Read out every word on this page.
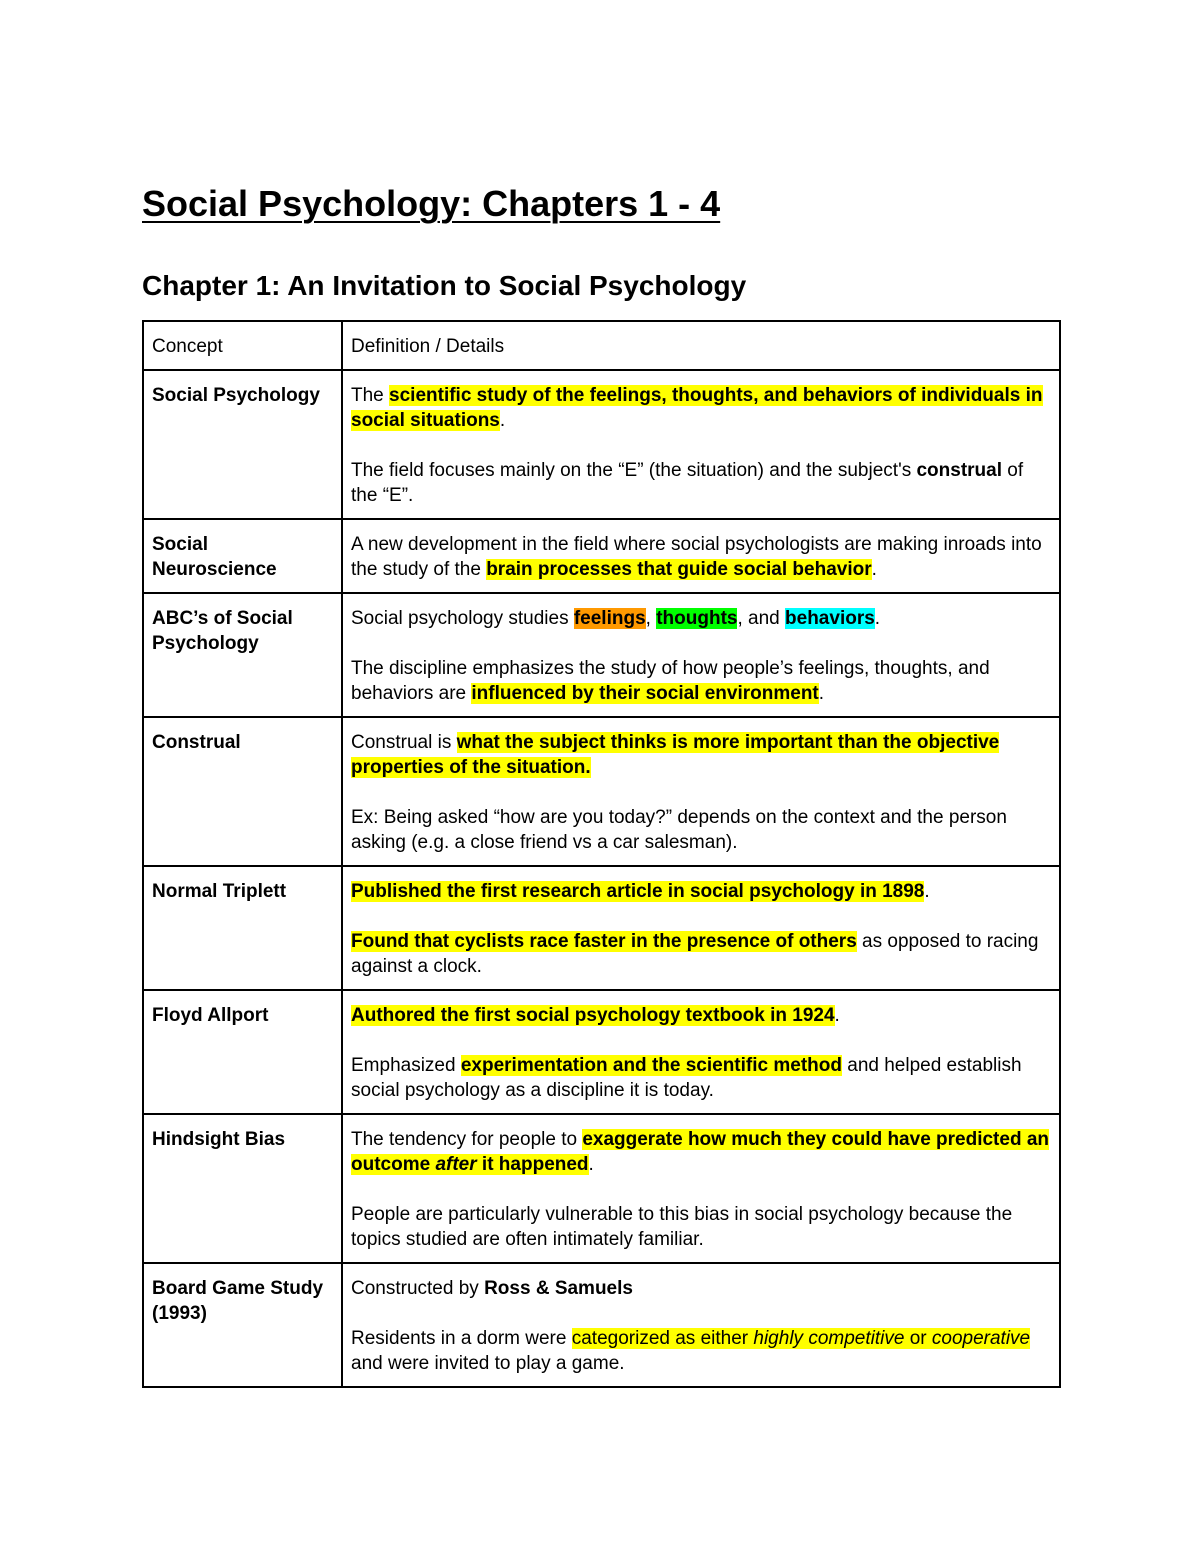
Social Psychology: Chapters 1 - 4
Chapter 1: An Invitation to Social Psychology
Concept	Definition / Details
Social Psychology	The scientific study of the feelings, thoughts, and behaviors of individuals in social situations.

The field focuses mainly on the “E” (the situation) and the subject's construal of the “E”.

Social Neuroscience	A new development in the field where social psychologists are making inroads into the study of the brain processes that guide social behavior.

ABC’s of Social Psychology	Social psychology studies feelings, thoughts, and behaviors.

The discipline emphasizes the study of how people’s feelings, thoughts, and behaviors are influenced by their social environment.

Construal	Construal is what the subject thinks is more important than the objective properties of the situation.

Ex: Being asked “how are you today?” depends on the context and the person asking (e.g. a close friend vs a car salesman).

Normal Triplett	Published the first research article in social psychology in 1898.

Found that cyclists race faster in the presence of others as opposed to racing against a clock.

Floyd Allport	Authored the first social psychology textbook in 1924.

Emphasized experimentation and the scientific method and helped establish social psychology as a discipline it is today.

Hindsight Bias	The tendency for people to exaggerate how much they could have predicted an outcome after it happened.

People are particularly vulnerable to this bias in social psychology because the topics studied are often intimately familiar.

Board Game Study (1993)	Constructed by Ross & Samuels

Residents in a dorm were categorized as either highly competitive or cooperative and were invited to play a game.
